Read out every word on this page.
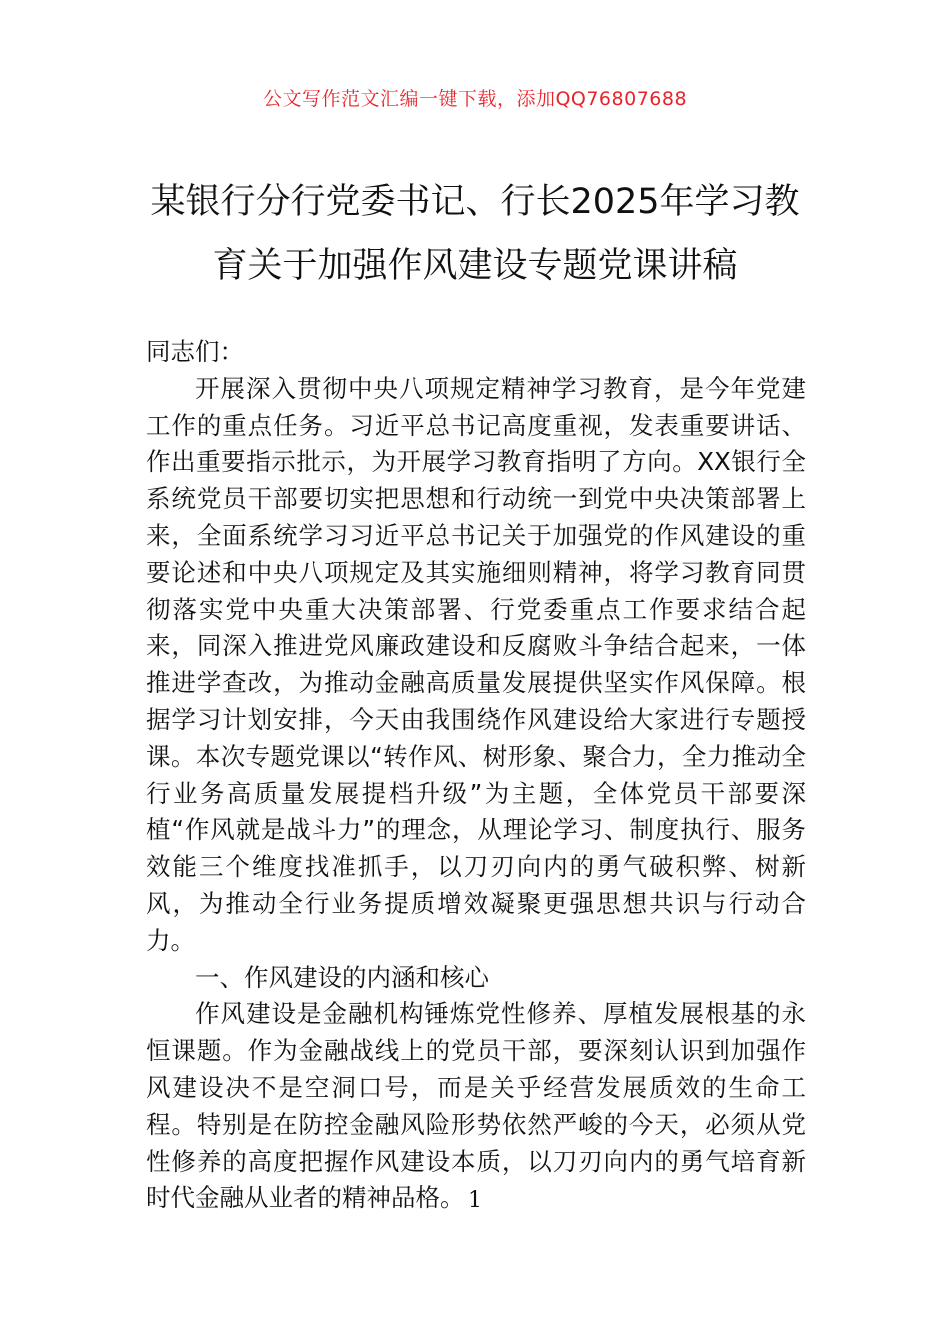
公文写作范文汇编一键下载，添加QQ76807688
某银行分行党委书记、行长2025年学习教
育关于加强作风建设专题党课讲稿

同志们：

开展深入贯彻中央八项规定精神学习教育，是今年党建工作的重点任务。习近平总书记高度重视，发表重要讲话、作出重要指示批示，为开展学习教育指明了方向。XX银行全系统党员干部要切实把思想和行动统一到党中央决策部署上来，全面系统学习习近平总书记关于加强党的作风建设的重要论述和中央八项规定及其实施细则精神，将学习教育同贯彻落实党中央重大决策部署、行党委重点工作要求结合起来，同深入推进党风廉政建设和反腐败斗争结合起来，一体推进学查改，为推动金融高质量发展提供坚实作风保障。根据学习计划安排，今天由我围绕作风建设给大家进行专题授课。本次专题党课以“转作风、树形象、聚合力，全力推动全行业务高质量发展提档升级”为主题，全体党员干部要深植“作风就是战斗力”的理念，从理论学习、制度执行、服务效能三个维度找准抓手，以刀刃向内的勇气破积弊、树新风，为推动全行业务提质增效凝聚更强思想共识与行动合力。

一、作风建设的内涵和核心

作风建设是金融机构锤炼党性修养、厚植发展根基的永恒课题。作为金融战线上的党员干部，要深刻认识到加强作风建设决不是空洞口号，而是关乎经营发展质效的生命工程。特别是在防控金融风险形势依然严峻的今天，必须从党性修养的高度把握作风建设本质，以刀刃向内的勇气培育新时代金融从业者的精神品格。 1
